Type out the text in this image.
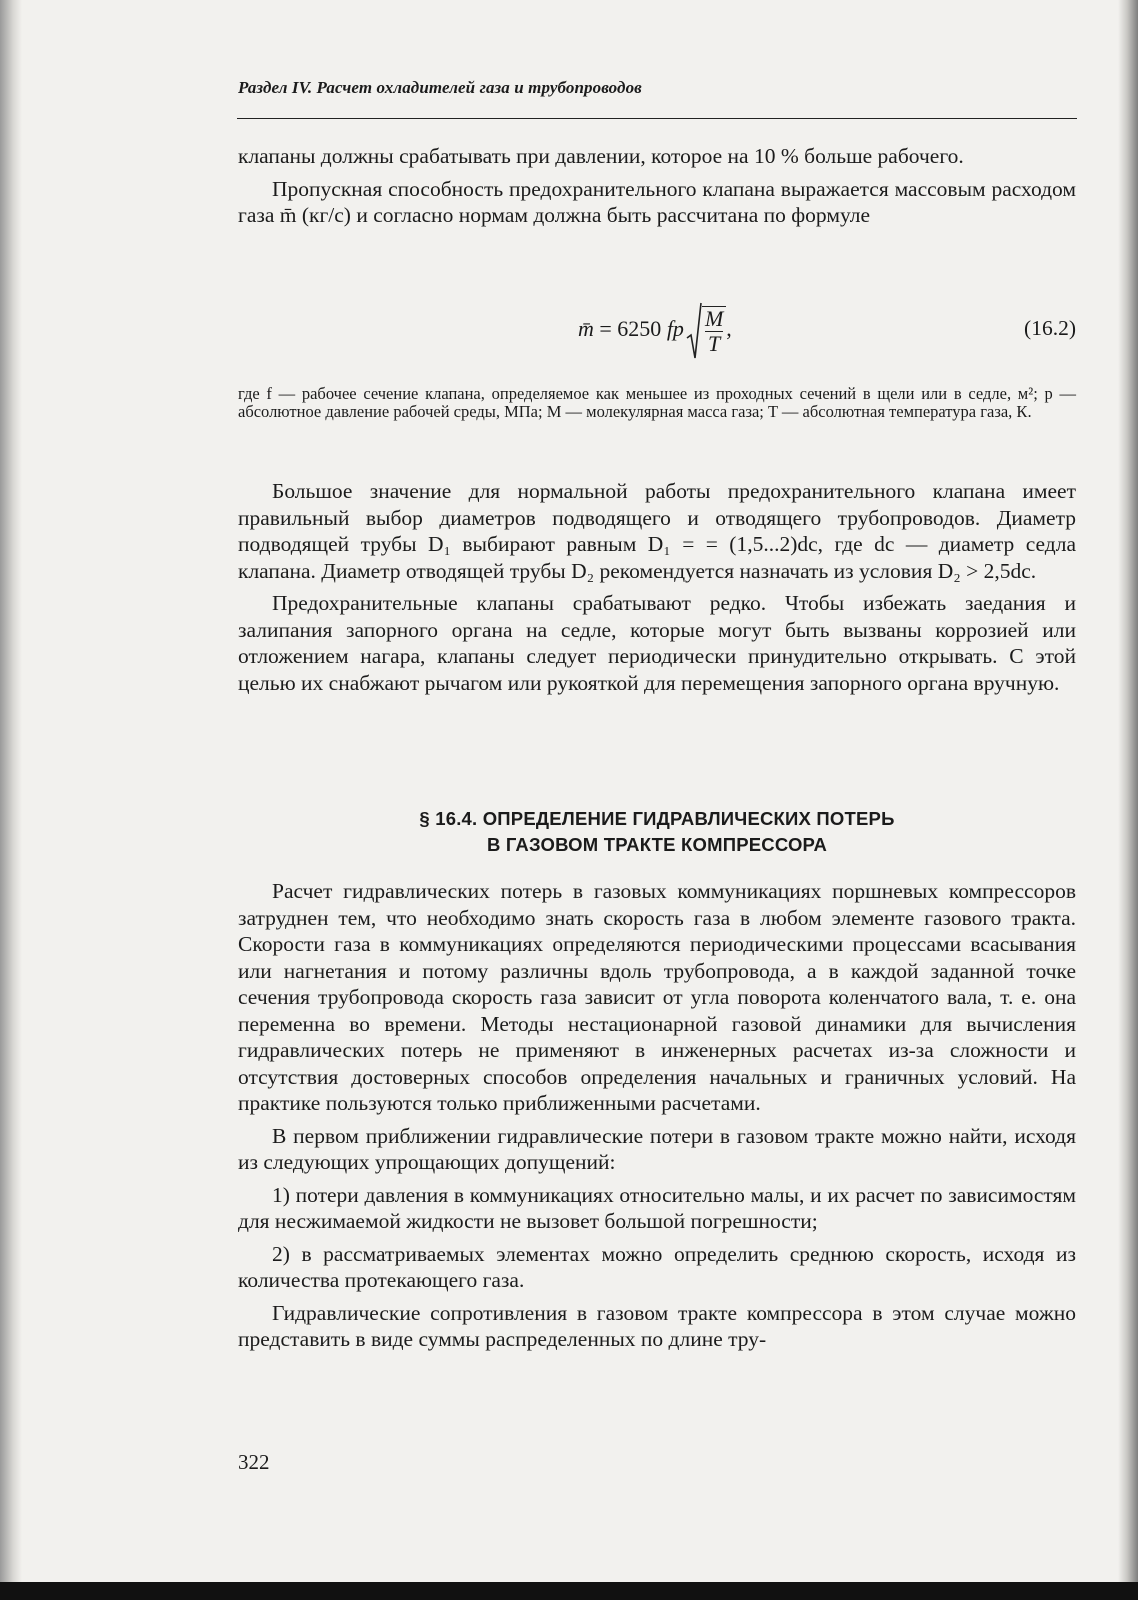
Раздел IV. Расчет охладителей газа и трубопроводов

клапаны должны срабатывать при давлении, которое на 10 % больше рабочего.

Пропускная способность предохранительного клапана выражается массовым расходом газа m̄ (кг/с) и согласно нормам должна быть рассчитана по формуле

m̄ = 6250 fp $\frac{M}{T}$ ,	(16.2)
где f — рабочее сечение клапана, определяемое как меньшее из проходных сечений в щели или в седле, м²; p — абсолютное давление рабочей среды, МПа; M — молекулярная масса газа; T — абсолютная температура газа, К.

Большое значение для нормальной работы предохранительного клапана имеет правильный выбор диаметров подводящего и отводящего трубопроводов. Диаметр подводящей трубы D₁ выбирают равным D₁ = = (1,5...2)dс, где dс — диаметр седла клапана. Диаметр отводящей трубы D₂ рекомендуется назначать из условия D₂ > 2,5dс.

Предохранительные клапаны срабатывают редко. Чтобы избежать заедания и залипания запорного органа на седле, которые могут быть вызваны коррозией или отложением нагара, клапаны следует периодически принудительно открывать. С этой целью их снабжают рычагом или рукояткой для перемещения запорного органа вручную.

§ 16.4. ОПРЕДЕЛЕНИЕ ГИДРАВЛИЧЕСКИХ ПОТЕРЬ
В ГАЗОВОМ ТРАКТЕ КОМПРЕССОРА

Расчет гидравлических потерь в газовых коммуникациях поршневых компрессоров затруднен тем, что необходимо знать скорость газа в любом элементе газового тракта. Скорости газа в коммуникациях определяются периодическими процессами всасывания или нагнетания и потому различны вдоль трубопровода, а в каждой заданной точке сечения трубопровода скорость газа зависит от угла поворота коленчатого вала, т. е. она переменна во времени. Методы нестационарной газовой динамики для вычисления гидравлических потерь не применяют в инженерных расчетах из-за сложности и отсутствия достоверных способов определения начальных и граничных условий. На практике пользуются только приближенными расчетами.

В первом приближении гидравлические потери в газовом тракте можно найти, исходя из следующих упрощающих допущений:

1) потери давления в коммуникациях относительно малы, и их расчет по зависимостям для несжимаемой жидкости не вызовет большой погрешности;

2) в рассматриваемых элементах можно определить среднюю скорость, исходя из количества протекающего газа.

Гидравлические сопротивления в газовом тракте компрессора в этом случае можно представить в виде суммы распределенных по длине тру-

322
